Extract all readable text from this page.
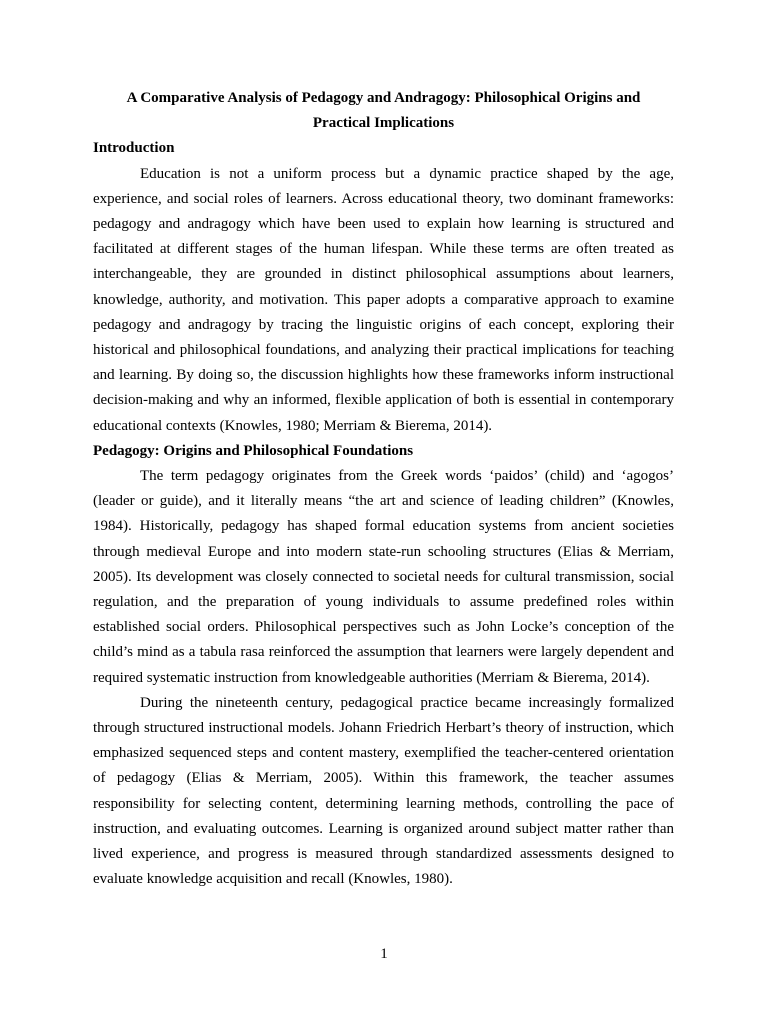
A Comparative Analysis of Pedagogy and Andragogy: Philosophical Origins and Practical Implications

Introduction

Education is not a uniform process but a dynamic practice shaped by the age, experience, and social roles of learners. Across educational theory, two dominant frameworks: pedagogy and andragogy which have been used to explain how learning is structured and facilitated at different stages of the human lifespan. While these terms are often treated as interchangeable, they are grounded in distinct philosophical assumptions about learners, knowledge, authority, and motivation. This paper adopts a comparative approach to examine pedagogy and andragogy by tracing the linguistic origins of each concept, exploring their historical and philosophical foundations, and analyzing their practical implications for teaching and learning. By doing so, the discussion highlights how these frameworks inform instructional decision-making and why an informed, flexible application of both is essential in contemporary educational contexts (Knowles, 1980; Merriam & Bierema, 2014).

Pedagogy: Origins and Philosophical Foundations

The term pedagogy originates from the Greek words ‘paidos’ (child) and ‘agogos’ (leader or guide), and it literally means “the art and science of leading children” (Knowles, 1984). Historically, pedagogy has shaped formal education systems from ancient societies through medieval Europe and into modern state-run schooling structures (Elias & Merriam, 2005). Its development was closely connected to societal needs for cultural transmission, social regulation, and the preparation of young individuals to assume predefined roles within established social orders. Philosophical perspectives such as John Locke’s conception of the child’s mind as a tabula rasa reinforced the assumption that learners were largely dependent and required systematic instruction from knowledgeable authorities (Merriam & Bierema, 2014).

During the nineteenth century, pedagogical practice became increasingly formalized through structured instructional models. Johann Friedrich Herbart’s theory of instruction, which emphasized sequenced steps and content mastery, exemplified the teacher-centered orientation of pedagogy (Elias & Merriam, 2005). Within this framework, the teacher assumes responsibility for selecting content, determining learning methods, controlling the pace of instruction, and evaluating outcomes. Learning is organized around subject matter rather than lived experience, and progress is measured through standardized assessments designed to evaluate knowledge acquisition and recall (Knowles, 1980).

1
